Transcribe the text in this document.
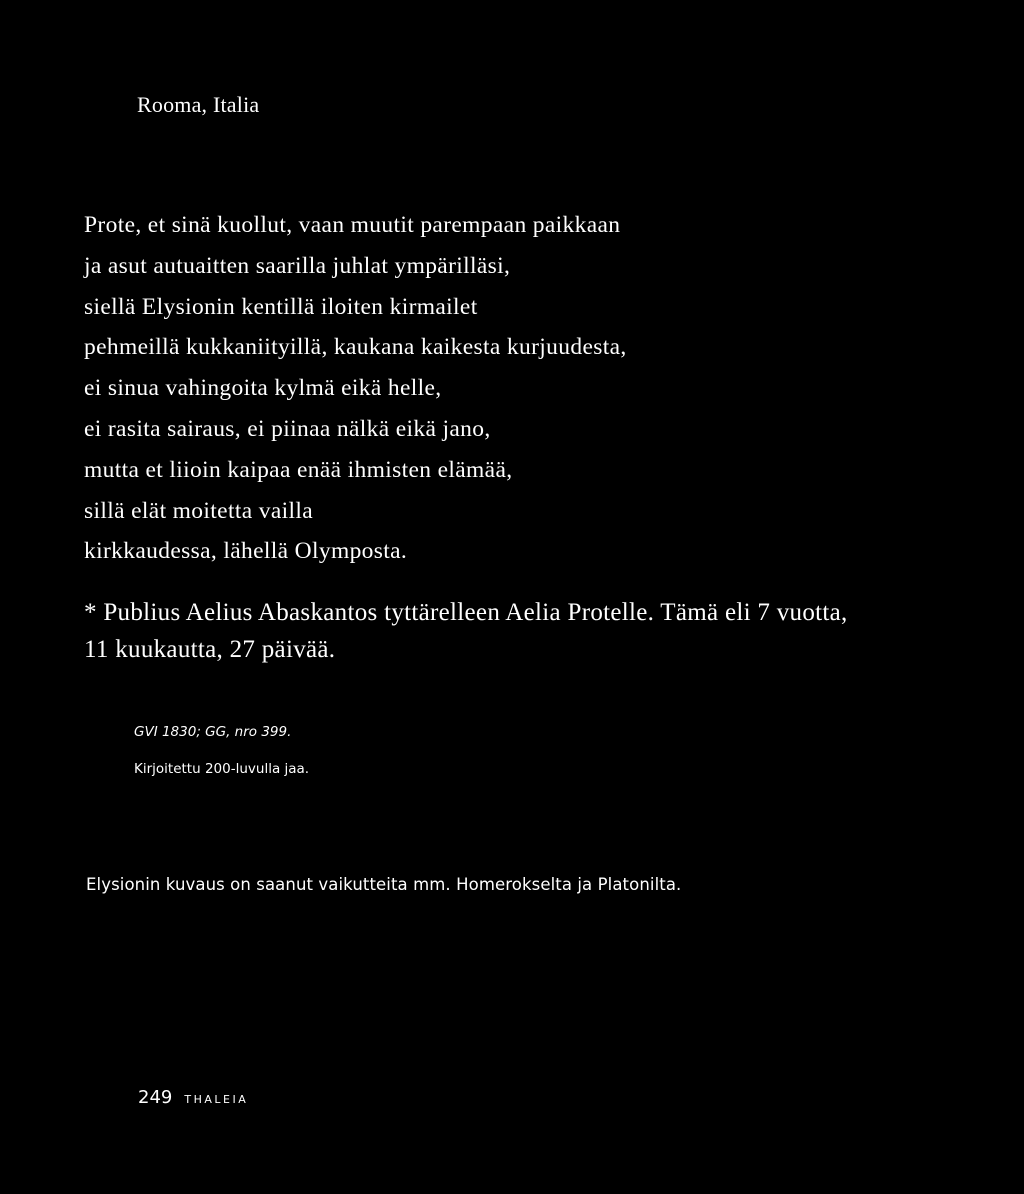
Rooma, Italia
Prote, et sinä kuollut, vaan muutit parempaan paikkaan
ja asut autuaitten saarilla juhlat ympärilläsi,
siellä Elysionin kentillä iloiten kirmailet
pehmeillä kukkaniityillä, kaukana kaikesta kurjuudesta,
ei sinua vahingoita kylmä eikä helle,
ei rasita sairaus, ei piinaa nälkä eikä jano,
mutta et liioin kaipaa enää ihmisten elämää,
sillä elät moitetta vailla
kirkkaudessa, lähellä Olymposta.
* Publius Aelius Abaskantos tyttärelleen Aelia Protelle. Tämä eli 7 vuotta,
11 kuukautta, 27 päivää.
GVI 1830; GG, nro 399.
Kirjoitettu 200-luvulla jaa.
Elysionin kuvaus on saanut vaikutteita mm. Homerokselta ja Platonilta.
249 THALEIA
